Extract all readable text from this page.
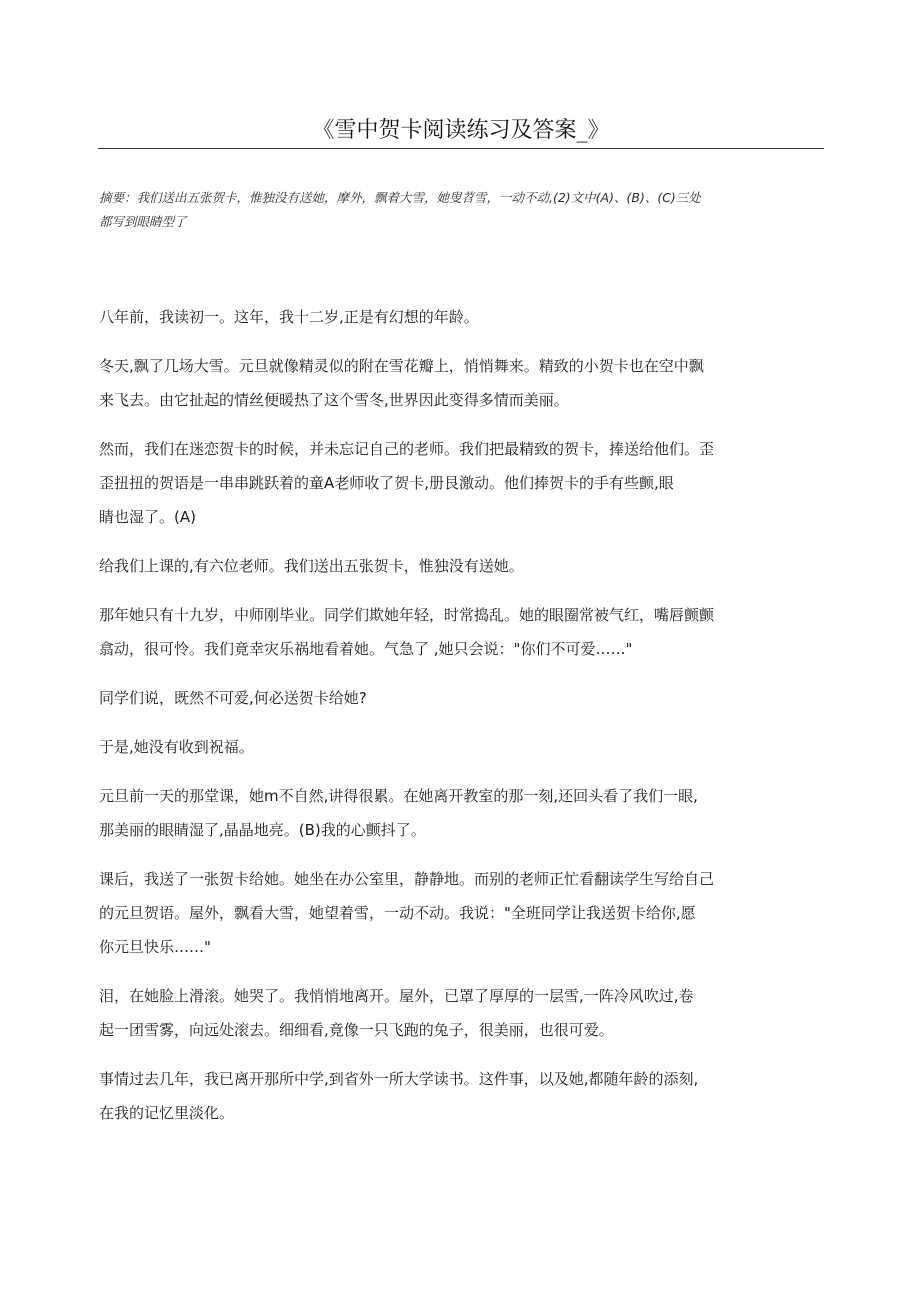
《雪中贺卡阅读练习及答案_》

摘要：我们送出五张贺卡，惟独没有送她，摩外，飘着大雪，她叟苕雪，一动不动,(2)文中(A)、(B)、(C)三处
都写到眼睛型了

八年前，我读初一。这年，我十二岁,正是有幻想的年龄。

冬天,飘了几场大雪。元旦就像精灵似的附在雪花瓣上，悄悄舞来。精致的小贺卡也在空中飘
来飞去。由它扯起的情丝便暖热了这个雪冬,世界因此变得多情而美丽。

然而，我们在迷恋贺卡的时候，并未忘记自己的老师。我们把最精致的贺卡，捧送给他们。歪
歪扭扭的贺语是一串串跳跃着的童A老师收了贺卡,册艮激动。他们捧贺卡的手有些颤,眼
睛也湿了。(A)

给我们上课的,有六位老师。我们送出五张贺卡，惟独没有送她。

那年她只有十九岁，中师刚毕业。同学们欺她年轻，时常捣乱。她的眼圈常被气红，嘴唇颤颤
翕动，很可怜。我们竟幸灾乐祸地看着她。气急了 ,她只会说："你们不可爱……"

同学们说，既然不可爱,何必送贺卡给她?

于是,她没有收到祝福。

元旦前一天的那堂课，她m不自然,讲得很累。在她离开教室的那一刻,还回头看了我们一眼,
那美丽的眼睛湿了,晶晶地亮。(B)我的心颤抖了。

课后，我送了一张贺卡给她。她坐在办公室里，静静地。而别的老师正忙看翻读学生写给自己
的元旦贺语。屋外，飘看大雪，她望着雪，一动不动。我说："全班同学让我送贺卡给你,愿
你元旦快乐……"

泪，在她脸上滑滚。她哭了。我悄悄地离开。屋外，已罩了厚厚的一层雪,一阵冷风吹过,卷
起一团雪雾，向远处滚去。细细看,竟像一只飞跑的兔子，很美丽，也很可爱。

事情过去几年，我已离开那所中学,到省外一所大学读书。这件事，以及她,都随年龄的添刻,
在我的记忆里淡化。
